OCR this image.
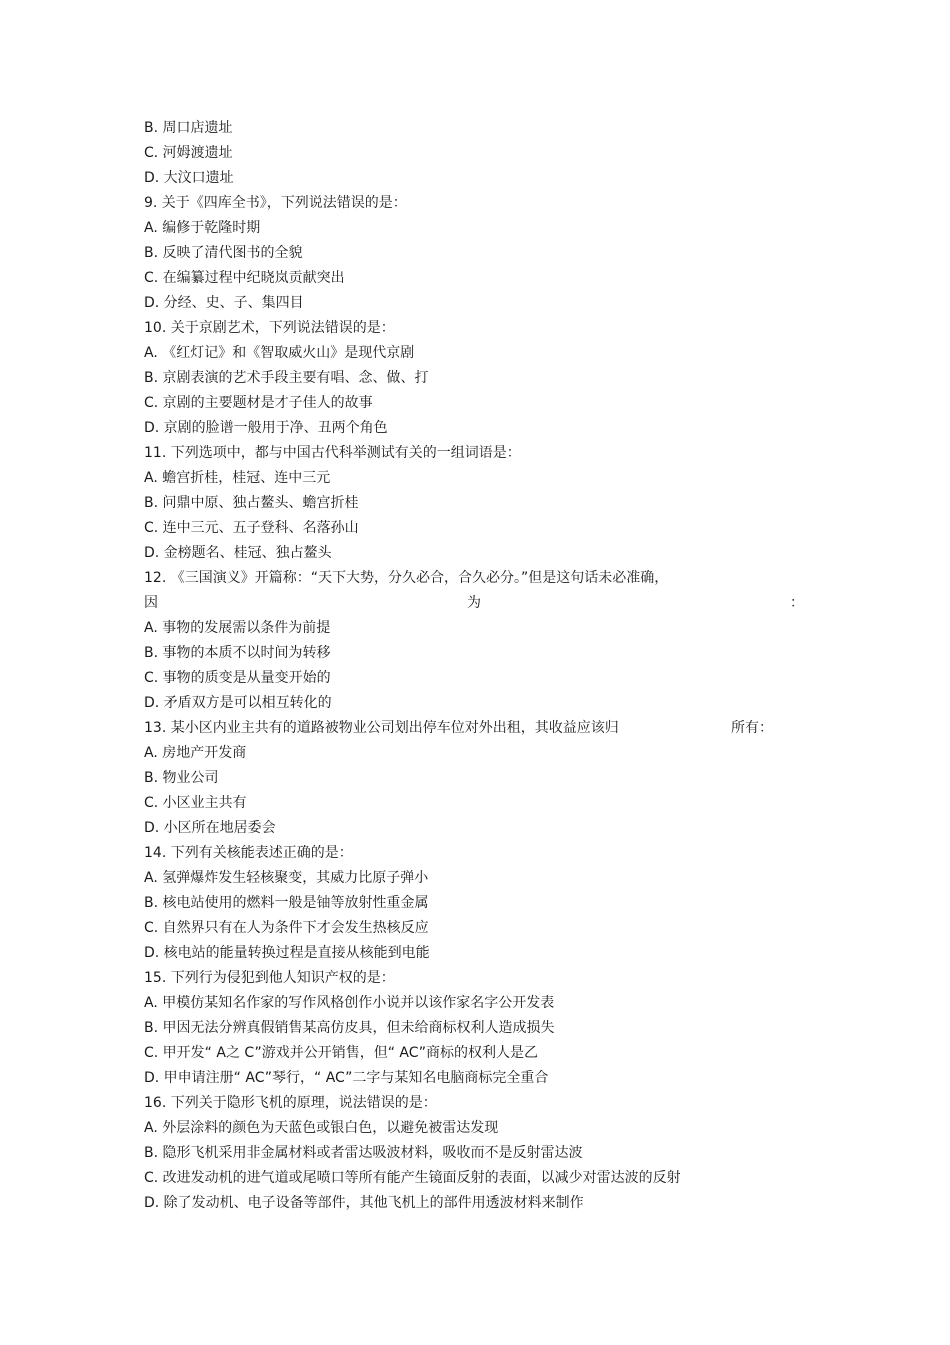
B. 周口店遗址
C. 河姆渡遗址
D. 大汶口遗址
9. 关于《四库全书》，下列说法错误的是：
A. 编修于乾隆时期
B. 反映了清代图书的全貌
C. 在编纂过程中纪晓岚贡献突出
D. 分经、史、子、集四目
10. 关于京剧艺术，下列说法错误的是：
A. 《红灯记》和《智取威火山》是现代京剧
B. 京剧表演的艺术手段主要有唱、念、做、打
C. 京剧的主要题材是才子佳人的故事
D. 京剧的脸谱一般用于净、丑两个角色
11. 下列选项中，都与中国古代科举测试有关的一组词语是：
A. 蟾宫折桂，桂冠、连中三元
B. 问鼎中原、独占鳌头、蟾宫折桂
C. 连中三元、五子登科、名落孙山
D. 金榜题名、桂冠、独占鳌头
12. 《三国演义》开篇称：“天下大势，分久必合，合久必分。”但是这句话未必准确，
因	为	：
A. 事物的发展需以条件为前提
B. 事物的本质不以时间为转移
C. 事物的质变是从量变开始的
D. 矛盾双方是可以相互转化的
13. 某小区内业主共有的道路被物业公司划出停车位对外出租，其收益应该归	所有：
A. 房地产开发商
B. 物业公司
C. 小区业主共有
D. 小区所在地居委会
14. 下列有关核能表述正确的是：
A. 氢弹爆炸发生轻核聚变，其威力比原子弹小
B. 核电站使用的燃料一般是铀等放射性重金属
C. 自然界只有在人为条件下才会发生热核反应
D. 核电站的能量转换过程是直接从核能到电能
15. 下列行为侵犯到他人知识产权的是：
A. 甲模仿某知名作家的写作风格创作小说并以该作家名字公开发表
B. 甲因无法分辨真假销售某高仿皮具，但未给商标权利人造成损失
C. 甲开发“ A之 C”游戏并公开销售，但“ AC”商标的权利人是乙
D. 甲申请注册“ AC”琴行，“ AC”二字与某知名电脑商标完全重合
16. 下列关于隐形飞机的原理，说法错误的是：
A. 外层涂料的颜色为天蓝色或银白色，以避免被雷达发现
B. 隐形飞机采用非金属材料或者雷达吸波材料，吸收而不是反射雷达波
C. 改进发动机的进气道或尾喷口等所有能产生镜面反射的表面，以减少对雷达波的反射
D. 除了发动机、电子设备等部件，其他飞机上的部件用透波材料来制作
